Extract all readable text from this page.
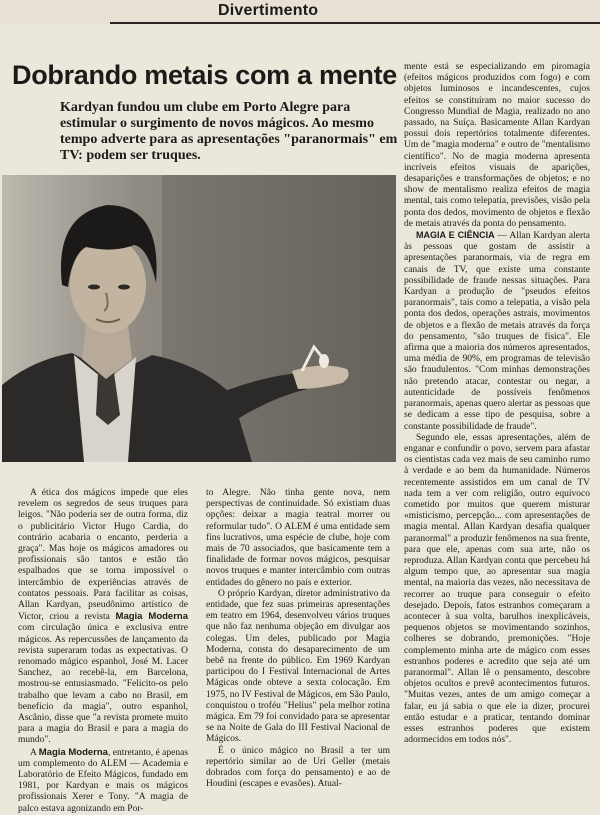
Divertimento
Dobrando metais com a mente
Kardyan fundou um clube em Porto Alegre para estimular o surgimento de novos mágicos. Ao mesmo tempo adverte para as apresentações "paranormais" em TV: podem ser truques.

A ética dos mágicos impede que eles revelem os segredos de seus truques para leigos. "Não poderia ser de outra forma, diz o publicitário Victor Hugo Cardia, do contrário acabaria o encanto, perderia a graça". Mas hoje os mágicos amadores ou profissionais são tantos e estão tão espalhados que se torna impossível o intercâmbio de experiências através de contatos pessoais. Para facilitar as coisas, Allan Kardyan, pseudônimo artístico de Victor, criou a revista Magia Moderna com circulação única e exclusiva entre mágicos. As repercussões de lançamento da revista superaram todas as expectativas. O renomado mágico espanhol, José M. Lacer Sanchez, ao recebê-la, em Barcelona, mostrou-se entusiasmado. "Felicito-os pelo trabalho que levam a cabo no Brasil, em benefício da magia", outro espanhol, Ascânio, disse que "a revista promete muito para a magia do Brasil e para a magia do mundo".

A Magia Moderna, entretanto, é apenas um complemento do ALEM — Academia e Laboratório de Efeito Mágicos, fundado em 1981, por Kardyan e mais os mágicos profissionais Xerer e Tony. "A magia de palco estava agonizando em Por-

to Alegre. Não tinha gente nova, nem perspectivas de continuidade. Só existiam duas opções: deixar a magia teatral morrer ou reformular tudo". O ALEM é uma entidade sem fins lucrativos, uma espécie de clube, hoje com mais de 70 associados, que basicamente tem a finalidade de formar novos mágicos, pesquisar novos truques e manter intercâmbio com outras entidades do gênero no país e exterior.

O próprio Kardyan, diretor administrativo da entidade, que fez suas primeiras apresentações em teatro em 1964, desenvolveu vários truques que não faz nenhuma objeção em divulgar aos colegas. Um deles, publicado por Magia Moderna, consta do desaparecimento de um bebê na frente do público. Em 1969 Kardyan participou do I Festival Internacional de Artes Mágicas onde obteve a sexta colocação. Em 1975, no IV Festival de Mágicos, em São Paulo, conquistou o troféu "Helius" pela melhor rotina mágica. Em 79 foi convidado para se apresentar se na Noite de Gala do III Festival Nacional de Mágicos.

É o único mágico no Brasil a ter um repertório similar ao de Uri Geller (metais dobrados com força do pensamento) e ao de Houdini (escapes e evasões). Atual-

mente está se especializando em piromagia (efeitos mágicos produzidos com fogo) e com objetos luminosos e incandescentes, cujos efeitos se constituíram no maior sucesso do Congresso Mundial de Magia, realizado no ano passado, na Suíça. Basicamente Allan Kardyan possui dois repertórios totalmente diferentes. Um de "magia moderna" e outro de "mentalismo científico". No de magia moderna apresenta incríveis efeitos visuais de aparições, desaparições e transformações de objetos; e no show de mentalismo realiza efeitos de magia mental, tais como telepatia, previsões, visão pela ponta dos dedos, movimento de objetos e flexão de metais através da ponta do pensamento.

MAGIA E CIÊNCIA — Allan Kardyan alerta às pessoas que gostam de assistir a apresentações paranormais, via de regra em canais de TV, que existe uma constante possibilidade de fraude nessas situações. Para Kardyan a produção de "pseudos efeitos paranormais", tais como a telepatia, a visão pela ponta dos dedos, operações astrais, movimentos de objetos e a flexão de metais através da força do pensamento, "são truques de física". Ele afirma que a maioria dos números apresentados, uma média de 90%, em programas de televisão são fraudulentos. "Com minhas demonstrações não pretendo atacar, contestar ou negar, a autenticidade de possíveis fenômenos paranormais, apenas quero alertar as pessoas que se dedicam a esse tipo de pesquisa, sobre a constante possibilidade de fraude".

Segundo ele, essas apresentações, além de enganar e confundir o povo, servem para afastar os cientistas cada vez mais de seu caminho rumo à verdade e ao bem da humanidade. Números recentemente assistidos em um canal de TV nada tem a ver com religião, outro equívoco cometido por muitos que querem misturar «misticismo, percepção... com apresentações de magia mental. Allan Kardyan desafia qualquer paranormal" a produzir fenômenos na sua frente, para que ele, apenas com sua arte, não os reproduza. Allan Kardyan conta que percebeu há algum tempo que, ao apresentar sua magia mental, na maioria das vezes, não necessitava de recorrer ao truque para conseguir o efeito desejado. Depois, fatos estranhos começaram a acontecer à sua volta, barulhos inexplicáveis, pequenos objetos se movimentando sozinhos, colheres se dobrando, premonições. "Hoje complemento minha arte de mágico com esses estranhos poderes e acredito que seja até um paranormal". Allan lê o pensamento, descobre objetos ocultos e prevê acontecimentos futuros. "Muitas vezes, antes de um amigo começar a falar, eu já sabia o que ele ia dizer, procurei então estudar e a praticar, tentando dominar esses estranhos poderes que existem adormecidos em todos nós".
